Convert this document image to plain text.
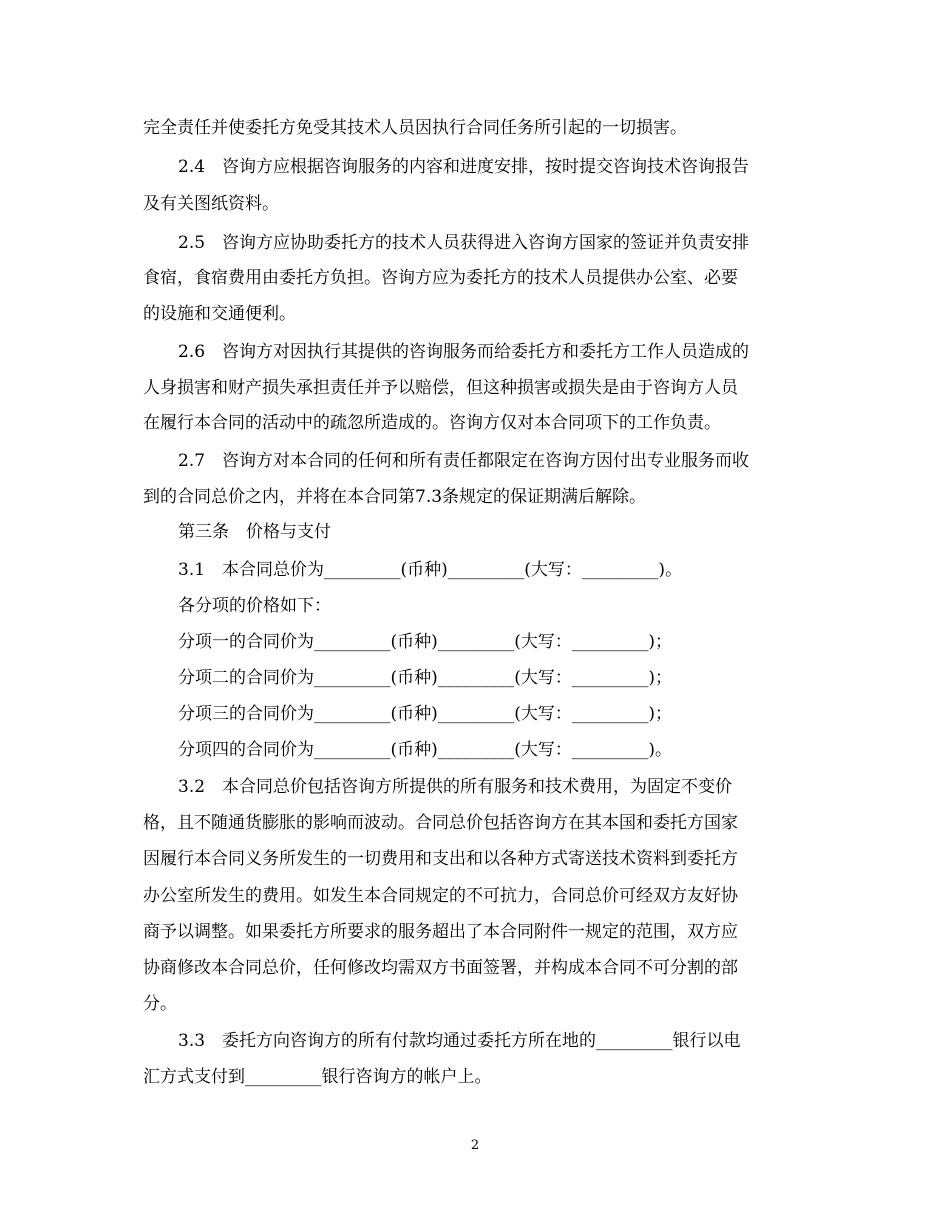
完全责任并使委托方免受其技术人员因执行合同任务所引起的一切损害。
2.4　咨询方应根据咨询服务的内容和进度安排，按时提交咨询技术咨询报告
及有关图纸资料。
2.5　咨询方应协助委托方的技术人员获得进入咨询方国家的签证并负责安排
食宿，食宿费用由委托方负担。咨询方应为委托方的技术人员提供办公室、必要
的设施和交通便利。
2.6　咨询方对因执行其提供的咨询服务而给委托方和委托方工作人员造成的
人身损害和财产损失承担责任并予以赔偿，但这种损害或损失是由于咨询方人员
在履行本合同的活动中的疏忽所造成的。咨询方仅对本合同项下的工作负责。
2.7　咨询方对本合同的任何和所有责任都限定在咨询方因付出专业服务而收
到的合同总价之内，并将在本合同第7.3条规定的保证期满后解除。
第三条　价格与支付
3.1　本合同总价为_________(币种)_________(大写：_________)。
各分项的价格如下：
分项一的合同价为_________(币种)_________(大写：_________)；
分项二的合同价为_________(币种)_________(大写：_________)；
分项三的合同价为_________(币种)_________(大写：_________)；
分项四的合同价为_________(币种)_________(大写：_________)。
3.2　本合同总价包括咨询方所提供的所有服务和技术费用，为固定不变价
格，且不随通货膨胀的影响而波动。合同总价包括咨询方在其本国和委托方国家
因履行本合同义务所发生的一切费用和支出和以各种方式寄送技术资料到委托方
办公室所发生的费用。如发生本合同规定的不可抗力，合同总价可经双方友好协
商予以调整。如果委托方所要求的服务超出了本合同附件一规定的范围，双方应
协商修改本合同总价，任何修改均需双方书面签署，并构成本合同不可分割的部
分。
3.3　委托方向咨询方的所有付款均通过委托方所在地的_________银行以电
汇方式支付到_________银行咨询方的帐户上。
2
